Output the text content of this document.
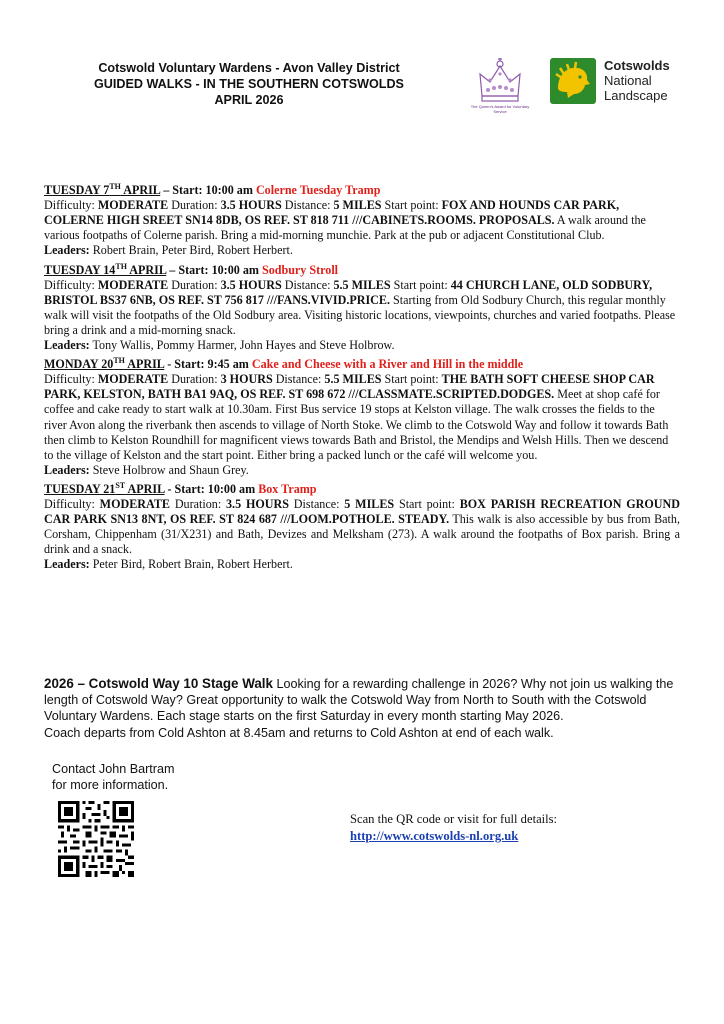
Cotswold Voluntary Wardens - Avon Valley District
GUIDED WALKS - IN THE SOUTHERN COTSWOLDS
APRIL 2026	The Queen's Award for Voluntary Service
Cotswolds
National
Landscape

TUESDAY 7TH APRIL – Start: 10:00 am Colerne Tuesday Tramp

Difficulty: MODERATE Duration: 3.5 HOURS Distance: 5 MILES Start point: FOX AND HOUNDS CAR PARK, COLERNE HIGH SREET SN14 8DB, OS REF. ST 818 711 ///CABINETS.ROOMS. PROPOSALS. A walk around the various footpaths of Colerne parish. Bring a mid-morning munchie. Park at the pub or adjacent Constitutional Club.

Leaders: Robert Brain, Peter Bird, Robert Herbert.

TUESDAY 14TH APRIL – Start: 10:00 am Sodbury Stroll

Difficulty: MODERATE Duration: 3.5 HOURS Distance: 5.5 MILES Start point: 44 CHURCH LANE, OLD SODBURY, BRISTOL BS37 6NB, OS REF. ST 756 817 ///FANS.VIVID.PRICE. Starting from Old Sodbury Church, this regular monthly walk will visit the footpaths of the Old Sodbury area. Visiting historic locations, viewpoints, churches and varied footpaths. Please bring a drink and a mid-morning snack.

Leaders: Tony Wallis, Pommy Harmer, John Hayes and Steve Holbrow.

MONDAY 20TH APRIL - Start: 9:45 am Cake and Cheese with a River and Hill in the middle

Difficulty: MODERATE Duration: 3 HOURS Distance: 5.5 MILES Start point: THE BATH SOFT CHEESE SHOP CAR PARK, KELSTON, BATH BA1 9AQ, OS REF. ST 698 672 ///CLASSMATE.SCRIPTED.DODGES. Meet at shop café for coffee and cake ready to start walk at 10.30am. First Bus service 19 stops at Kelston village. The walk crosses the fields to the river Avon along the riverbank then ascends to village of North Stoke. We climb to the Cotswold Way and follow it towards Bath then climb to Kelston Roundhill for magnificent views towards Bath and Bristol, the Mendips and Welsh Hills. Then we descend to the village of Kelston and the start point. Either bring a packed lunch or the café will welcome you.

Leaders: Steve Holbrow and Shaun Grey.

TUESDAY 21ST APRIL - Start: 10:00 am Box Tramp

Difficulty: MODERATE Duration: 3.5 HOURS Distance: 5 MILES Start point: BOX PARISH RECREATION GROUND CAR PARK SN13 8NT, OS REF. ST 824 687 ///LOOM.POTHOLE. STEADY. This walk is also accessible by bus from Bath, Corsham, Chippenham (31/X231) and Bath, Devizes and Melksham (273). A walk around the footpaths of Box parish. Bring a drink and a snack.

Leaders: Peter Bird, Robert Brain, Robert Herbert.

2026 – Cotswold Way 10 Stage Walk Looking for a rewarding challenge in 2026? Why not join us walking the length of Cotswold Way? Great opportunity to walk the Cotswold Way from North to South with the Cotswold Voluntary Wardens. Each stage starts on the first Saturday in every month starting May 2026.

Coach departs from Cold Ashton at 8.45am and returns to Cold Ashton at end of each walk.

Contact John Bartram
for more information.
Scan the QR code or visit for full details:
http://www.cotswolds-nl.org.uk
